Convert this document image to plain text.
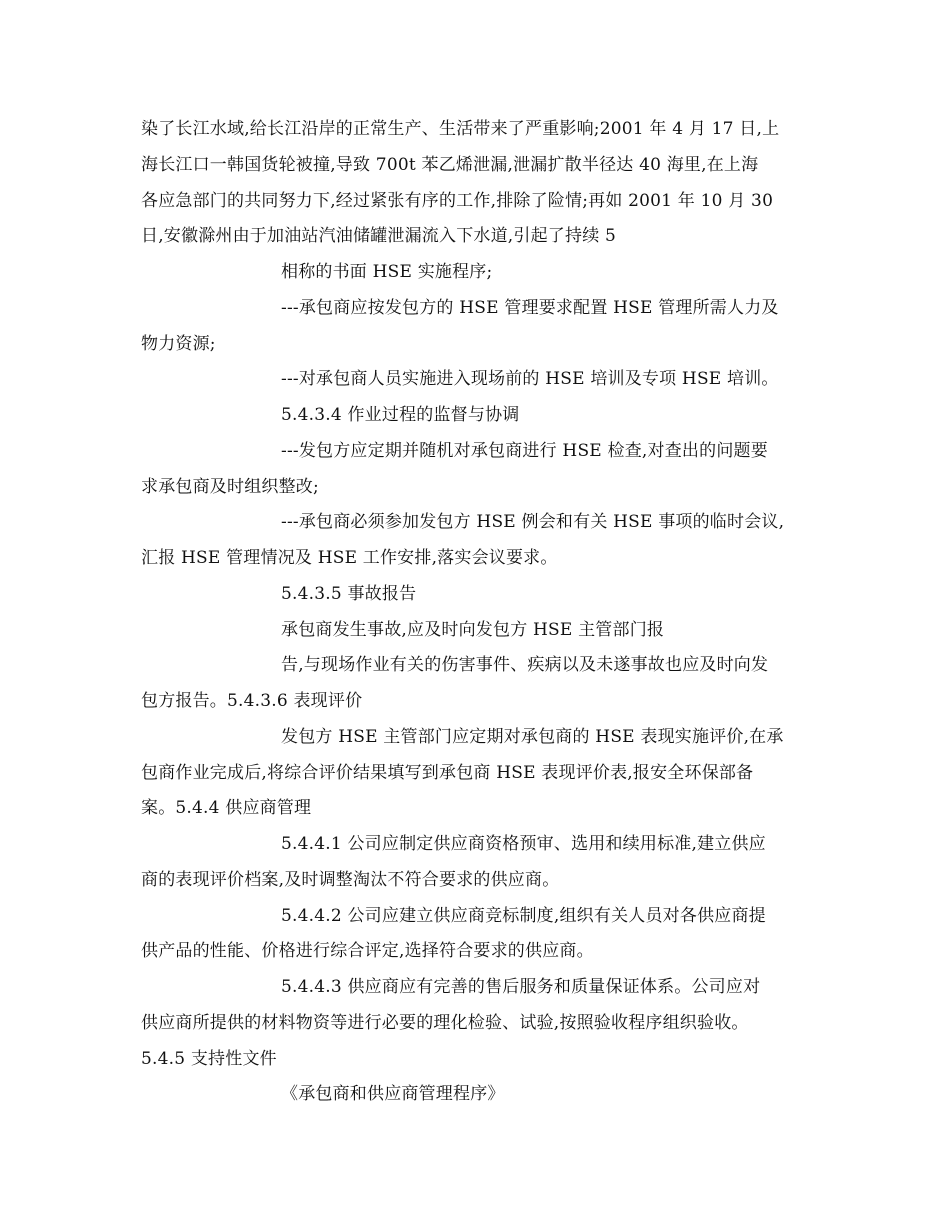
染了长江水域,给长江沿岸的正常生产、生活带来了严重影响;2001 年 4 月 17 日,上
海长江口一韩国货轮被撞,导致 700t 苯乙烯泄漏,泄漏扩散半径达 40 海里,在上海
各应急部门的共同努力下,经过紧张有序的工作,排除了险情;再如 2001 年 10 月 30
日,安徽滁州由于加油站汽油储罐泄漏流入下水道,引起了持续 5
相称的书面 HSE 实施程序;
---承包商应按发包方的 HSE 管理要求配置 HSE 管理所需人力及
物力资源;
---对承包商人员实施进入现场前的 HSE 培训及专项 HSE 培训。
5.4.3.4 作业过程的监督与协调
---发包方应定期并随机对承包商进行 HSE 检查,对查出的问题要
求承包商及时组织整改;
---承包商必须参加发包方 HSE 例会和有关 HSE 事项的临时会议,
汇报 HSE 管理情况及 HSE 工作安排,落实会议要求。
5.4.3.5 事故报告
承包商发生事故,应及时向发包方 HSE 主管部门报
告,与现场作业有关的伤害事件、疾病以及未遂事故也应及时向发
包方报告。5.4.3.6 表现评价
发包方 HSE 主管部门应定期对承包商的 HSE 表现实施评价,在承
包商作业完成后,将综合评价结果填写到承包商 HSE 表现评价表,报安全环保部备
案。5.4.4 供应商管理
5.4.4.1 公司应制定供应商资格预审、选用和续用标准,建立供应
商的表现评价档案,及时调整淘汰不符合要求的供应商。
5.4.4.2 公司应建立供应商竞标制度,组织有关人员对各供应商提
供产品的性能、价格进行综合评定,选择符合要求的供应商。
5.4.4.3 供应商应有完善的售后服务和质量保证体系。公司应对
供应商所提供的材料物资等进行必要的理化检验、试验,按照验收程序组织验收。
5.4.5 支持性文件
《承包商和供应商管理程序》
